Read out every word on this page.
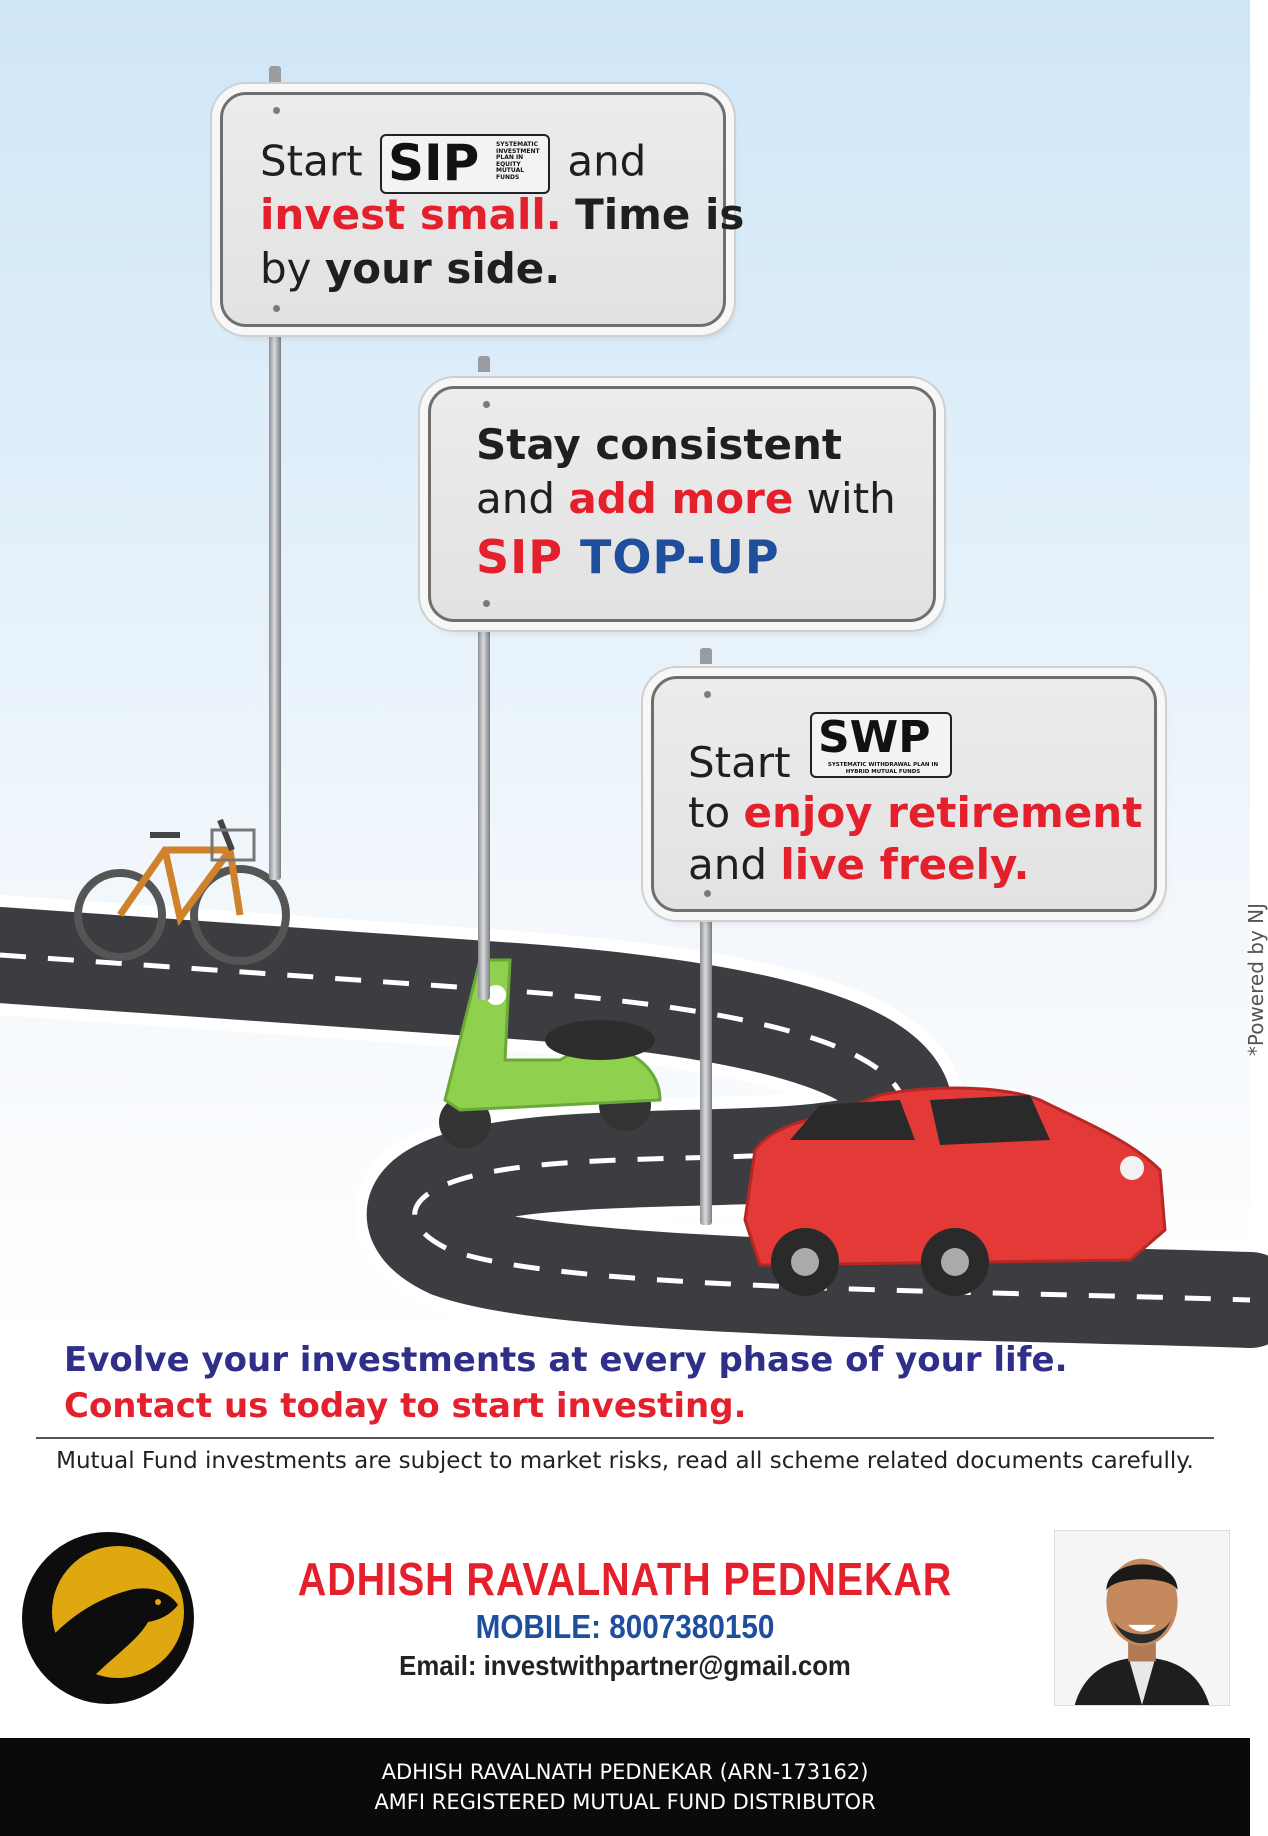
Start SIP	SYSTEMATIC
INVESTMENT
PLAN IN
EQUITY
MUTUAL
FUNDS	and
invest small. Time is
by your side.
Stay consistent
and add more with
SIP TOP-UP
Start SWP
SYSTEMATIC WITHDRAWAL PLAN IN HYBRID MUTUAL FUNDS
to enjoy retirement
and live freely.
*Powered by NJ
Evolve your investments at every phase of your life.
Contact us today to start investing.
Mutual Fund investments are subject to market risks, read all scheme related documents carefully.
ADHISH RAVALNATH PEDNEKAR
MOBILE: 8007380150
Email: investwithpartner@gmail.com
ADHISH RAVALNATH PEDNEKAR (ARN-173162)
AMFI REGISTERED MUTUAL FUND DISTRIBUTOR
